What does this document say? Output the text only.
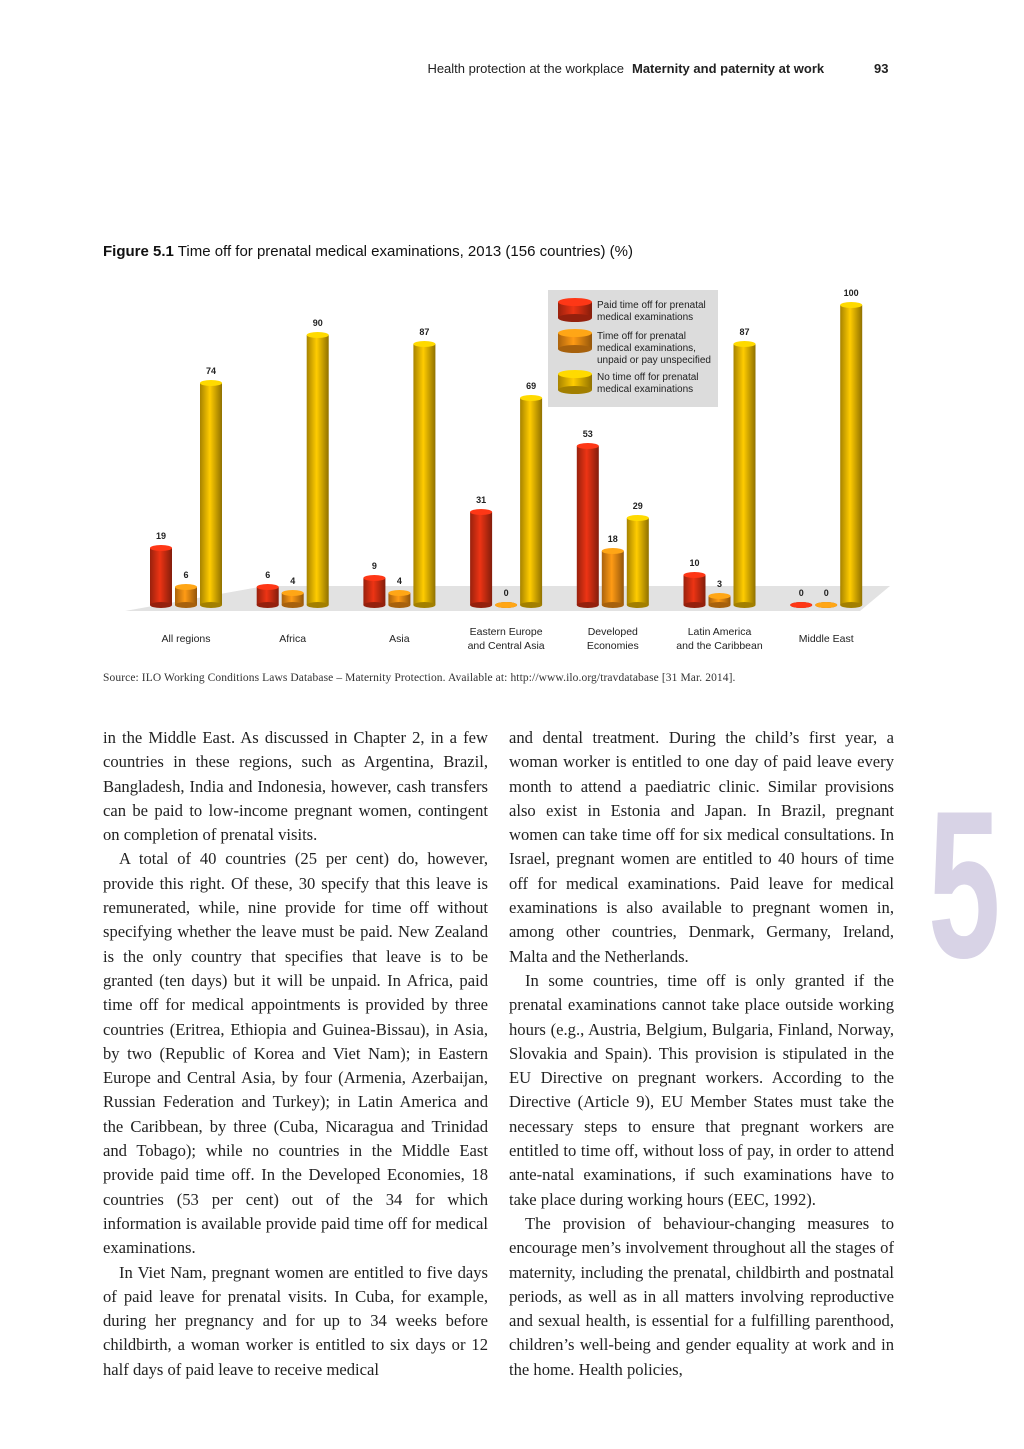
Health protection at the workplace Maternity and paternity at work	93
Figure 5.1 Time off for prenatal medical examinations, 2013 (156 countries) (%)
Paid time off for prenatal
medical examinations
Time off for prenatal
medical examinations,
unpaid or pay unspecified
No time off for prenatal
medical examinations
19
6
74
6
4
90
9
4
87
31
0
69
53
18
29
10
3
87
0 0
100
All regions	Africa	Asia
Eastern Europe
and Central Asia
Developed
Economies
Latin America
and the Caribbean
Middle East
Source: ILO Working Conditions Laws Database – Maternity Protection. Available at: http://www.ilo.org/travdatabase [31 Mar. 2014].

in the Middle East. As discussed in Chapter 2, in a few countries in these regions, such as Argentina, Brazil, Bangladesh, India and Indonesia, however, cash transfers can be paid to low-income pregnant women, contingent on completion of prenatal visits.

A total of 40 countries (25 per cent) do, however, provide this right. Of these, 30 specify that this leave is remunerated, while, nine provide for time off without specifying whether the leave must be paid. New Zealand is the only country that specifies that leave is to be granted (ten days) but it will be unpaid. In Africa, paid time off for medical appointments is provided by three countries (Eritrea, Ethiopia and Guinea-Bissau), in Asia, by two (Republic of Korea and Viet Nam); in Eastern Europe and Central Asia, by four (Armenia, Azerbaijan, Russian Federation and Turkey); in Latin America and the Caribbean, by three (Cuba, Nicaragua and Trinidad and Tobago); while no countries in the Middle East provide paid time off. In the Developed Economies, 18 countries (53 per cent) out of the 34 for which information is available provide paid time off for medical examinations.

In Viet Nam, pregnant women are entitled to five days of paid leave for prenatal visits. In Cuba, for example, during her pregnancy and for up to 34 weeks before childbirth, a woman worker is entitled to six days or 12 half days of paid leave to receive medical

and dental treatment. During the child’s first year, a woman worker is entitled to one day of paid leave every month to attend a paediatric clinic. Similar provisions also exist in Estonia and Japan. In Brazil, pregnant women can take time off for six medical consultations. In Israel, pregnant women are entitled to 40 hours of time off for medical examinations. Paid leave for medical examinations is also available to pregnant women in, among other countries, Denmark, Germany, Ireland, Malta and the Netherlands.

In some countries, time off is only granted if the prenatal examinations cannot take place outside working hours (e.g., Austria, Belgium, Bulgaria, Finland, Norway, Slovakia and Spain). This provision is stipulated in the EU Directive on pregnant workers. According to the Directive (Article 9), EU Member States must take the necessary steps to ensure that pregnant workers are entitled to time off, without loss of pay, in order to attend ante-natal examinations, if such examinations have to take place during working hours (EEC, 1992).

The provision of behaviour-changing measures to encourage men’s involvement throughout all the stages of maternity, including the prenatal, childbirth and postnatal periods, as well as in all matters involving reproductive and sexual health, is essential for a fulfilling parenthood, children’s well-being and gender equality at work and in the home. Health policies,

5
